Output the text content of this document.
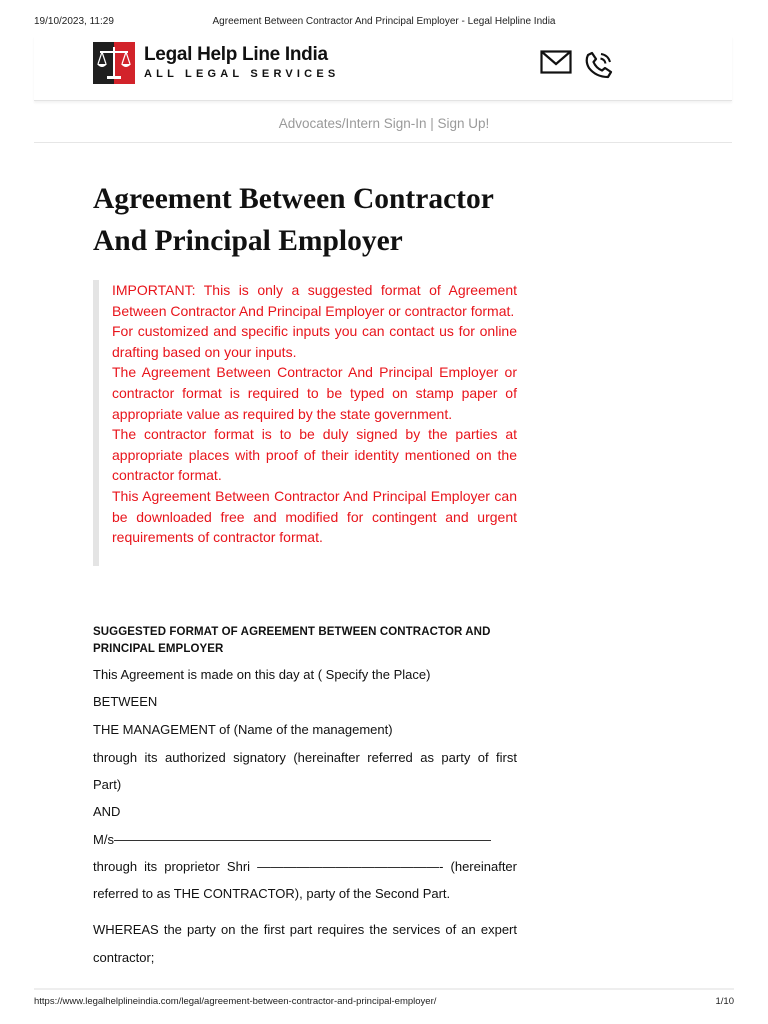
19/10/2023, 11:29	Agreement Between Contractor And Principal Employer - Legal Helpline India
Legal Help Line India
ALL LEGAL SERVICES
Advocates/Intern Sign-In | Sign Up!
Agreement Between Contractor And Principal Employer

IMPORTANT: This is only a suggested format of Agreement Between Contractor And Principal Employer or contractor format.

For customized and specific inputs you can contact us for online drafting based on your inputs.

The Agreement Between Contractor And Principal Employer or contractor format is required to be typed on stamp paper of appropriate value as required by the state government.

The contractor format is to be duly signed by the parties at appropriate places with proof of their identity mentioned on the contractor format.

This Agreement Between Contractor And Principal Employer can be downloaded free and modified for contingent and urgent requirements of contractor format.

SUGGESTED FORMAT OF AGREEMENT BETWEEN CONTRACTOR AND PRINCIPAL EMPLOYER
This Agreement is made on this day at ( Specify the Place)
BETWEEN
THE MANAGEMENT of (Name of the management)
through its authorized signatory (hereinafter referred as party of first
Part)
AND
M/s—————————————————————————————
through its proprietor Shri ——————————————- (hereinafter
referred to as THE CONTRACTOR), party of the Second Part.
WHEREAS the party on the first part requires the services of an expert
contractor;
https://www.legalhelplineindia.com/legal/agreement-between-contractor-and-principal-employer/	1/10
